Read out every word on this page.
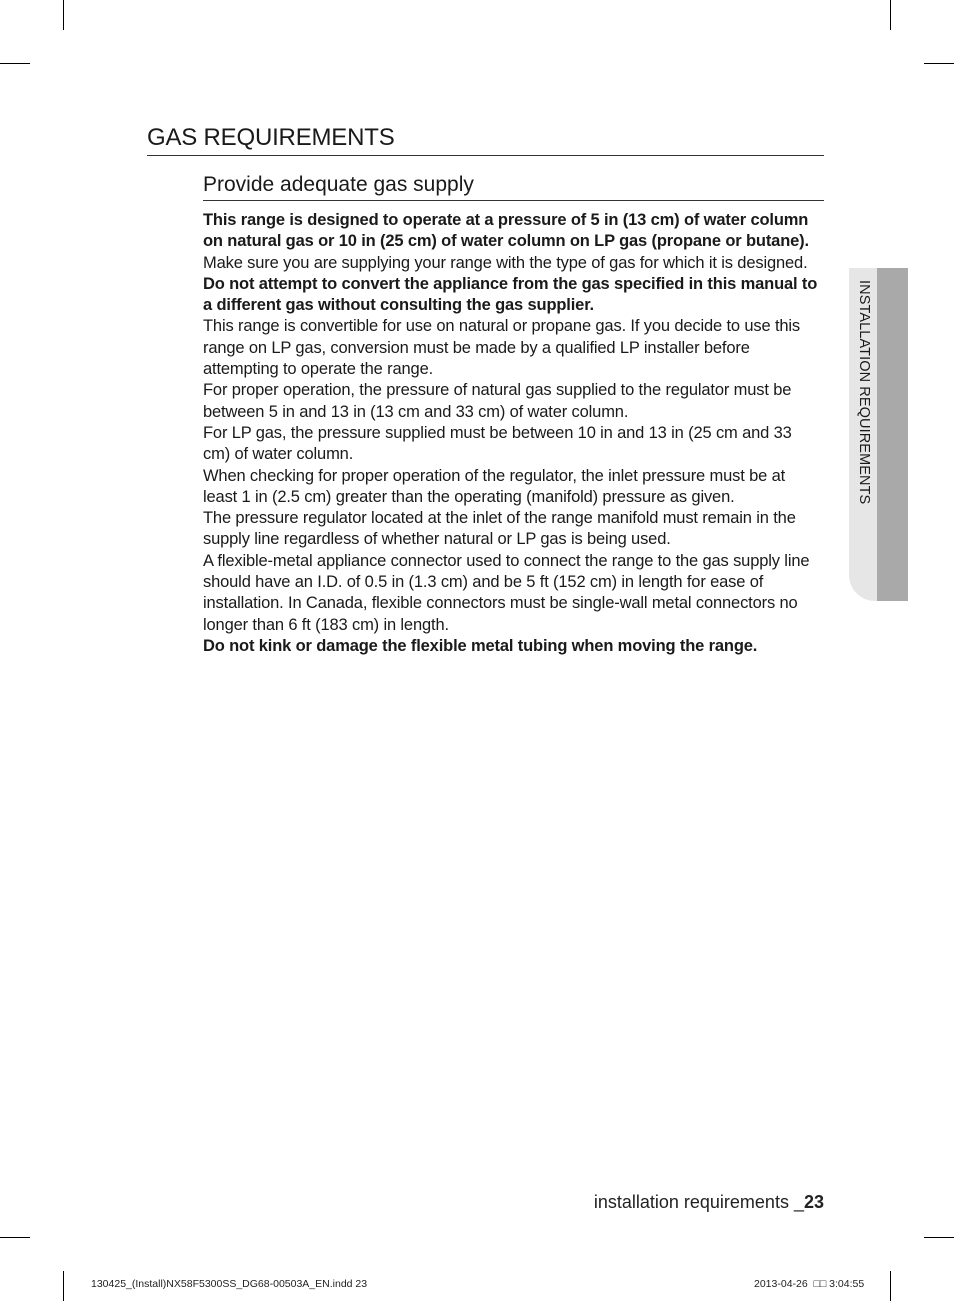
GAS REQUIREMENTS
Provide adequate gas supply

This range is designed to operate at a pressure of 5 in (13 cm) of water column on natural gas or 10 in (25 cm) of water column on LP gas (propane or butane).

Make sure you are supplying your range with the type of gas for which it is designed. Do not attempt to convert the appliance from the gas specified in this manual to a different gas without consulting the gas supplier.

This range is convertible for use on natural or propane gas. If you decide to use this range on LP gas, conversion must be made by a qualified LP installer before attempting to operate the range.

For proper operation, the pressure of natural gas supplied to the regulator must be between 5 in and 13 in (13 cm and 33 cm) of water column.

For LP gas, the pressure supplied must be between 10 in and 13 in (25 cm and 33 cm) of water column.

When checking for proper operation of the regulator, the inlet pressure must be at least 1 in (2.5 cm) greater than the operating (manifold) pressure as given.

The pressure regulator located at the inlet of the range manifold must remain in the supply line regardless of whether natural or LP gas is being used.

A flexible-metal appliance connector used to connect the range to the gas supply line should have an I.D. of 0.5 in (1.3 cm) and be 5 ft (152 cm) in length for ease of installation. In Canada, flexible connectors must be single-wall metal connectors no longer than 6 ft (183 cm) in length.

Do not kink or damage the flexible metal tubing when moving the range.

INSTALLATION REQUIREMENTS
installation requirements _23
130425_(Install)NX58F5300SS_DG68-00503A_EN.indd 23	2013-04-26  □□ 3:04:55
